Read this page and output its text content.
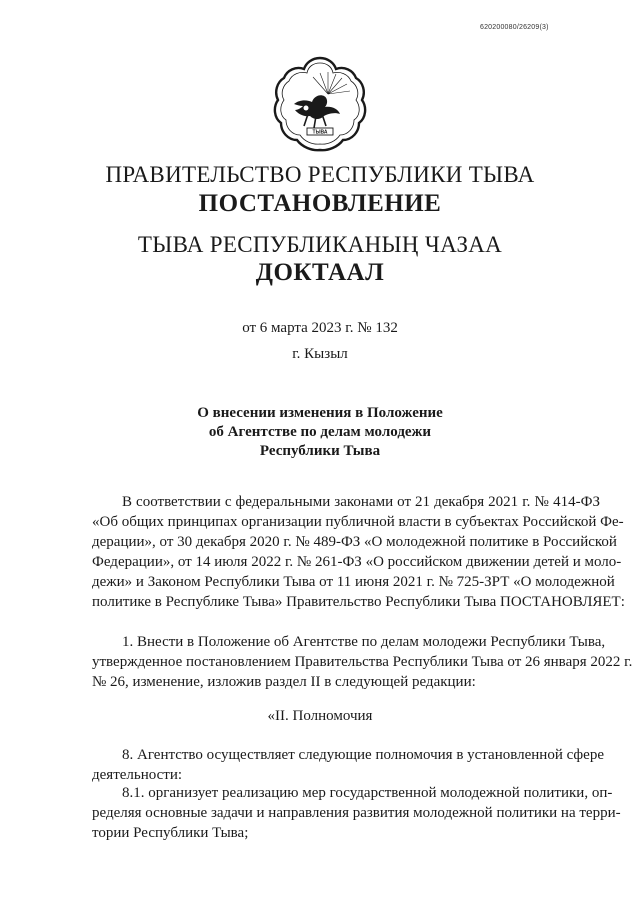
620200080/26209(3)
ТЫВА
ПРАВИТЕЛЬСТВО РЕСПУБЛИКИ ТЫВА
ПОСТАНОВЛЕНИЕ
ТЫВА РЕСПУБЛИКАНЫҢ ЧАЗАА
ДОКТААЛ
от 6 марта 2023 г. № 132
г. Кызыл
О внесении изменения в Положение
об Агентстве по делам молодежи
Республики Тыва
В соответствии с федеральными законами от 21 декабря 2021 г. № 414-ФЗ
«Об общих принципах организации публичной власти в субъектах Российской Фе-
дерации», от 30 декабря 2020 г. № 489-ФЗ «О молодежной политике в Российской
Федерации», от 14 июля 2022 г. № 261-ФЗ «О российском движении детей и моло-
дежи» и Законом Республики Тыва от 11 июня 2021 г. № 725-ЗРТ «О молодежной
политике в Республике Тыва» Правительство Республики Тыва ПОСТАНОВЛЯЕТ:
1. Внести в Положение об Агентстве по делам молодежи Республики Тыва,
утвержденное постановлением Правительства Республики Тыва от 26 января 2022 г.
№ 26, изменение, изложив раздел II в следующей редакции:
«II. Полномочия
8. Агентство осуществляет следующие полномочия в установленной сфере
деятельности:
8.1. организует реализацию мер государственной молодежной политики, оп-
ределяя основные задачи и направления развития молодежной политики на терри-
тории Республики Тыва;
